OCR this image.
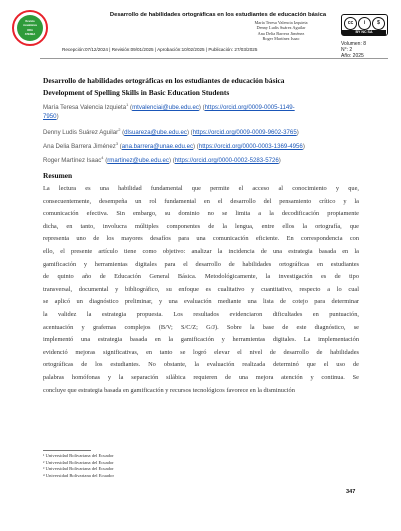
Revista
Académica
ODA
ATENEA
Desarrollo de habilidades ortográficas en los estudiantes de educación básica
María Teresa Valencia Izquieta
Denny Ludis Suárez Aguilar
Ana Delia Barrera Jiménez
Roger Martínez Isaac
cc	i	$
BY NC SA
Volumen: 8
N°: 2
Año: 2025
Recepción:07/12/2024 | Revisión:09/01/2025 | Aprobación:10/02/2025 | Publicación: 27/03/2025
Desarrollo de habilidades ortográficas en los estudiantes de educación básica
Development of Spelling Skills in Basic Education Students
María Teresa Valencia Izquieta$^1$ (mtvalenciai@ube.edu.ec) (https://orcid.org/0009-0005-1149-
7950)
Denny Ludis Suárez Aguilar$^2$ (dlsuareza@ube.edu.ec) (https://orcid.org/0009-0009-9602-3765)
Ana Delia Barrera Jiménez$^3$ (ana.barrera@unae.edu.ec) (https://orcid.org/0000-0003-1369-4956)
Roger Martínez Isaac$^4$ (rmartinez@ube.edu.ec) (https://orcid.org/0000-0002-5283-5726)
Resumen
La lectura es una habilidad fundamental que permite el acceso al conocimiento y que,
consecuentemente, desempeña un rol fundamental en el desarrollo del pensamiento crítico y la
comunicación efectiva. Sin embargo, su dominio no se limita a la decodificación propiamente
dicha, en tanto, involucra múltiples componentes de la lengua, entre ellos la ortografía, que
representa uno de los mayores desafíos para una comunicación eficiente. En correspondencia con
ello, el presente artículo tiene como objetivo: analizar la incidencia de una estrategia basada en la
gamificación y herramientas digitales para el desarrollo de habilidades ortográficas en estudiantes
de quinto año de Educación General Básica. Metodológicamente, la investigación es de tipo
transversal, documental y bibliográfico, su enfoque es cualitativo y cuantitativo, respecto a lo cual
se aplicó un diagnóstico preliminar, y una evaluación mediante una lista de cotejo para determinar
la validez la estrategia propuesta. Los resultados evidenciaron dificultades en puntuación,
acentuación y grafemas complejos (B/V; S/C/Z; G/J). Sobre la base de este diagnóstico, se
implementó una estrategia basada en la gamificación y herramientas digitales. La implementación
evidenció mejoras significativas, en tanto se logró elevar el nivel de desarrollo de habilidades
ortográficas de los estudiantes. No obstante, la evaluación realizada determinó que el uso de
palabras homófonas y la separación silábica requieren de una mejora atención y continua. Se
concluye que estrategia basada en gamificación y recursos tecnológicos favorece en la disminución
¹ Universidad Bolivariana del Ecuador
² Universidad Bolivariana del Ecuador
³ Universidad Bolivariana del Ecuador
⁴ Universidad Bolivariana del Ecuador
347
